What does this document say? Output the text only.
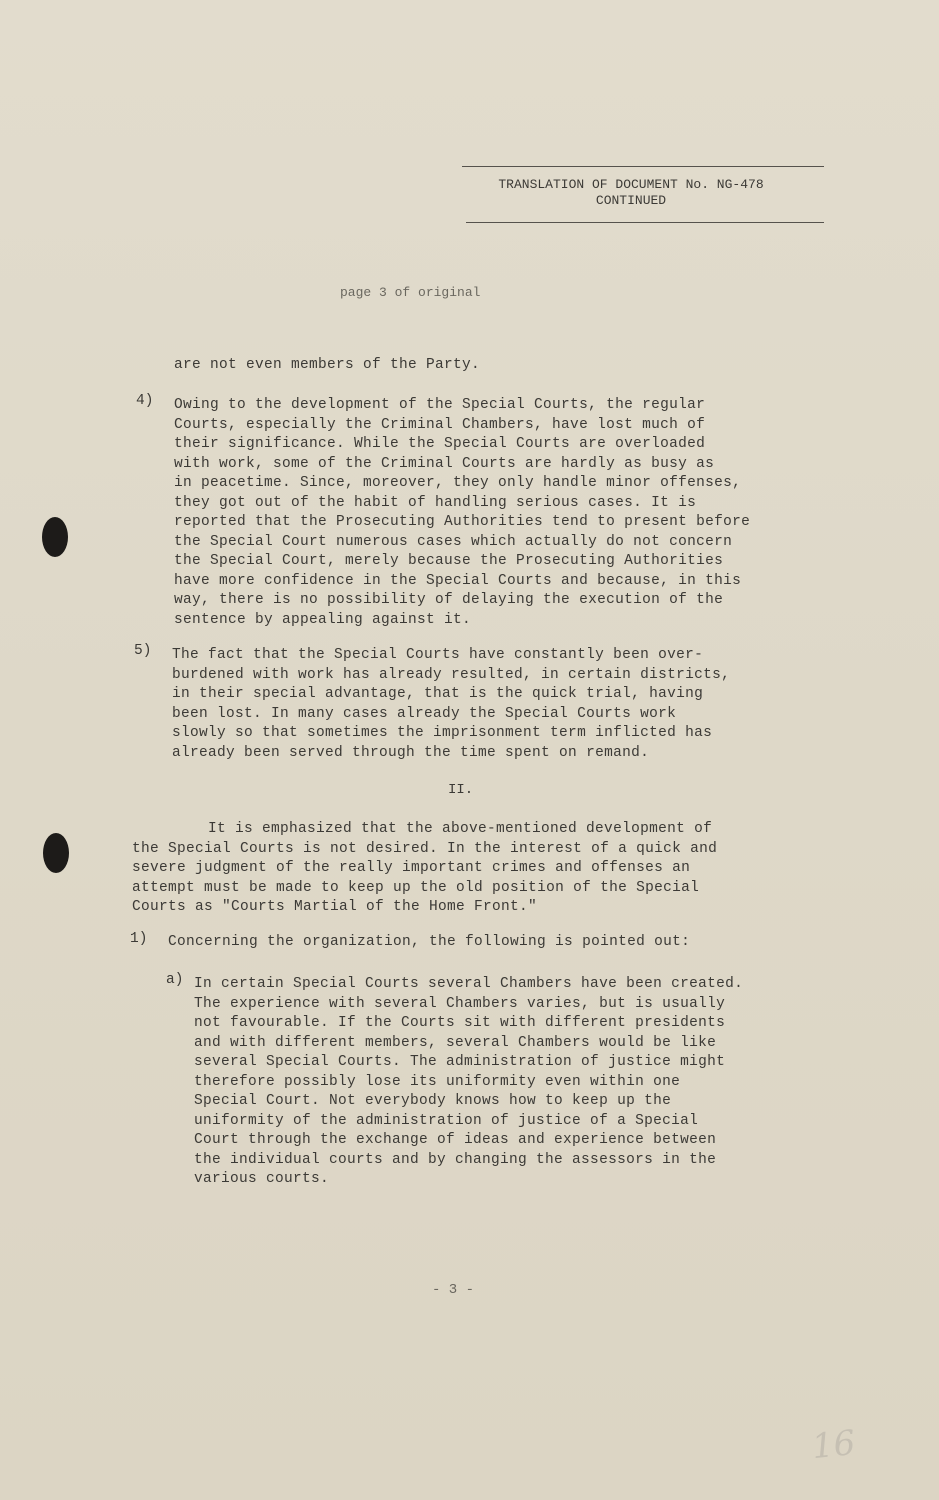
TRANSLATION OF DOCUMENT No. NG-478
CONTINUED
page 3 of original
are not even members of the Party.
4) Owing to the development of the Special Courts, the regular
Courts, especially the Criminal Chambers, have lost much of
their significance. While the Special Courts are overloaded
with work, some of the Criminal Courts are hardly as busy as
in peacetime. Since, moreover, they only handle minor offenses,
they got out of the habit of handling serious cases. It is
reported that the Prosecuting Authorities tend to present before
the Special Court numerous cases which actually do not concern
the Special Court, merely because the Prosecuting Authorities
have more confidence in the Special Courts and because, in this
way, there is no possibility of delaying the execution of the
sentence by appealing against it.
5) The fact that the Special Courts have constantly been over-
burdened with work has already resulted, in certain districts,
in their special advantage, that is the quick trial, having
been lost. In many cases already the Special Courts work
slowly so that sometimes the imprisonment term inflicted has
already been served through the time spent on remand.
II.
It is emphasized that the above-mentioned development of
the Special Courts is not desired. In the interest of a quick and
severe judgment of the really important crimes and offenses an
attempt must be made to keep up the old position of the Special
Courts as "Courts Martial of the Home Front."
1) Concerning the organization, the following is pointed out:
a) In certain Special Courts several Chambers have been created.
The experience with several Chambers varies, but is usually
not favourable. If the Courts sit with different presidents
and with different members, several Chambers would be like
several Special Courts. The administration of justice might
therefore possibly lose its uniformity even within one
Special Court. Not everybody knows how to keep up the
uniformity of the administration of justice of a Special
Court through the exchange of ideas and experience between
the individual courts and by changing the assessors in the
various courts.
- 3 -
16
